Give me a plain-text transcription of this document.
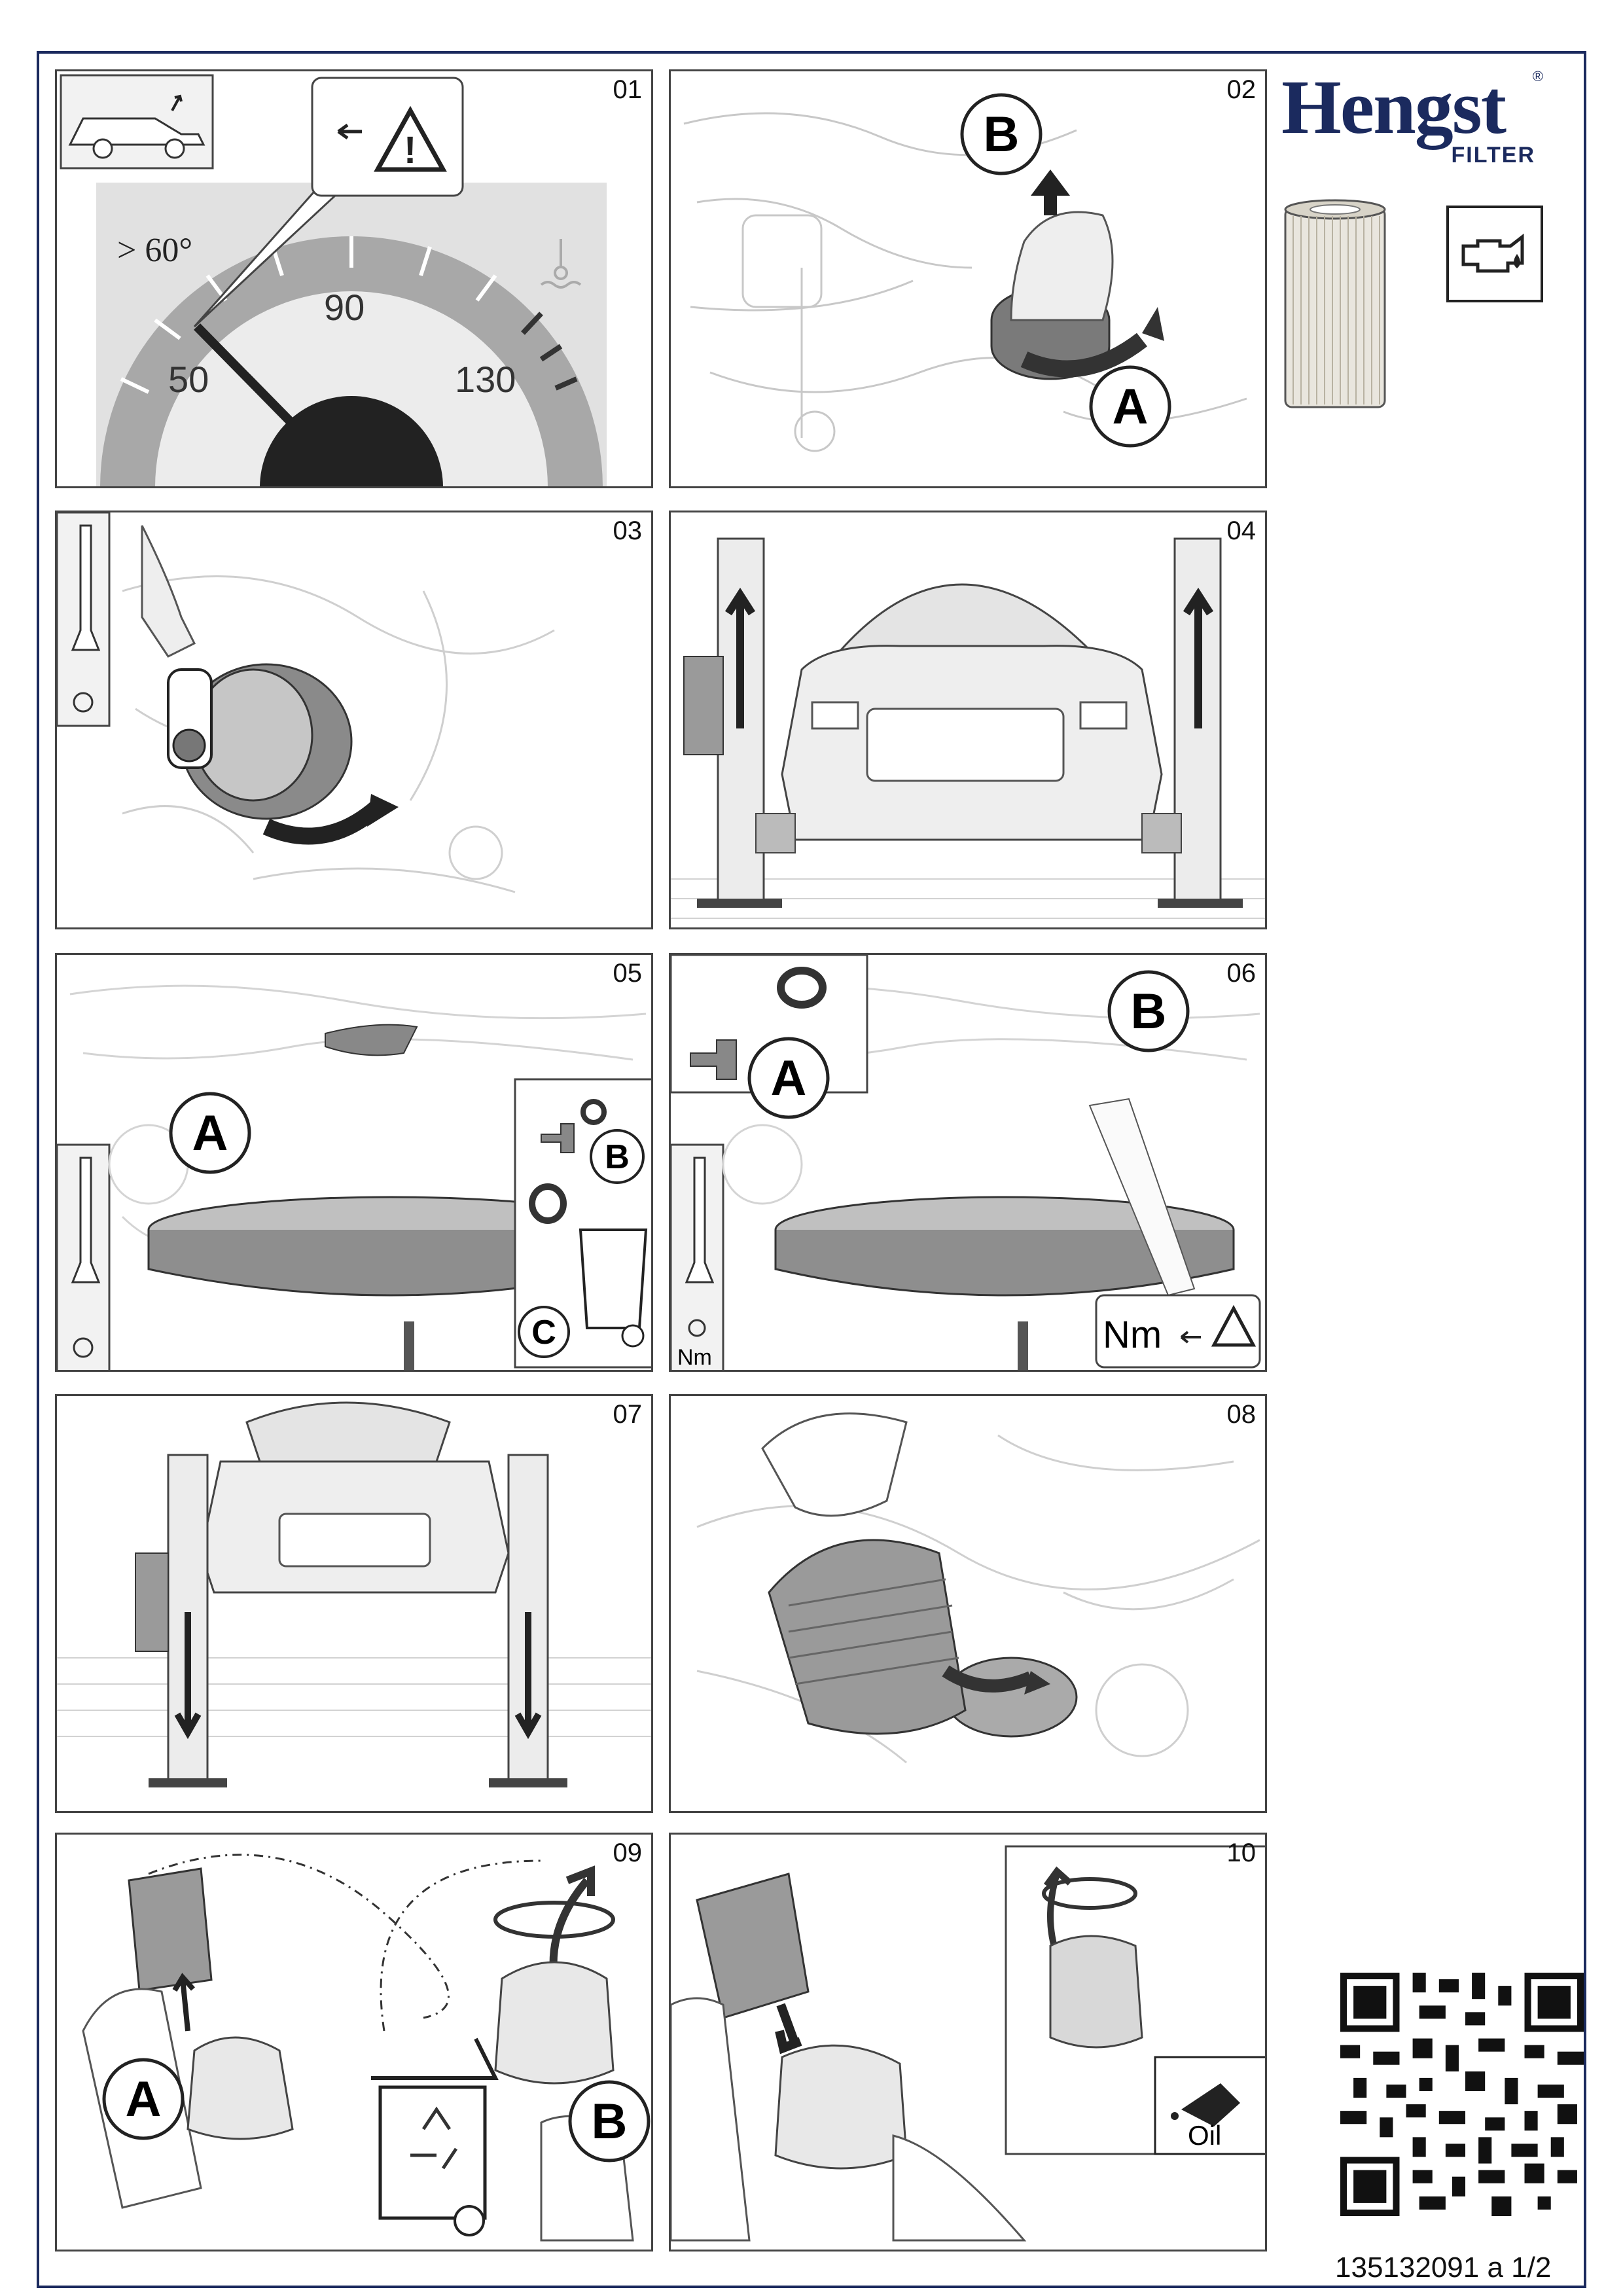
Hengst ®
FILTER
50
90
130
> 60°
!
01
B
A
02
03	04
A	B
C
05
Nm
A
B
Nm
06
07	08
A	B
09
Oil
10
135132091 a 1/2
